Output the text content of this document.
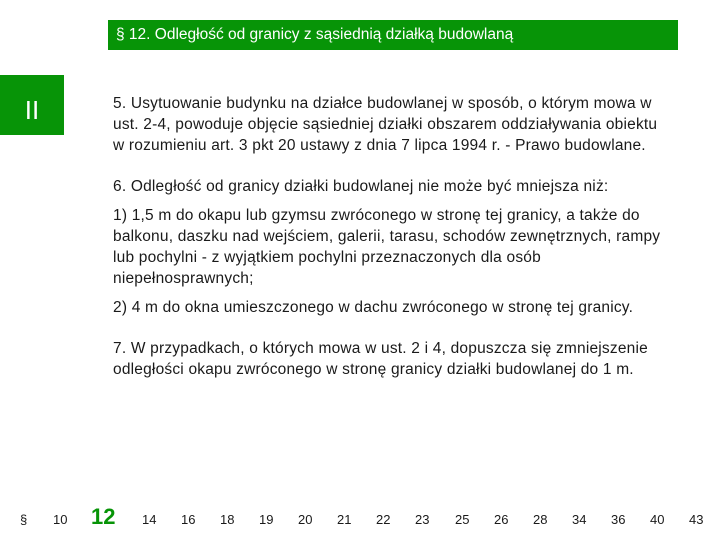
§ 12. Odległość od granicy z sąsiednią działką budowlaną
II	5. Usytuowanie budynku na działce budowlanej w sposób, o którym mowa w ust. 2-4, powoduje objęcie sąsiedniej działki obszarem oddziaływania obiektu w rozumieniu art. 3 pkt 20 ustawy z dnia 7 lipca 1994 r. - Prawo budowlane.

6. Odległość od granicy działki budowlanej nie może być mniejsza niż:

1) 1,5 m do okapu lub gzymsu zwróconego w stronę tej granicy, a także do balkonu, daszku nad wejściem, galerii, tarasu, schodów zewnętrznych, rampy lub pochylni - z wyjątkiem pochylni przeznaczonych dla osób niepełnosprawnych;

2) 4 m do okna umieszczonego w dachu zwróconego w stronę tej granicy.

7. W przypadkach, o których mowa w ust. 2 i 4, dopuszcza się zmniejszenie odległości okapu zwróconego w stronę granicy działki budowlanej do 1 m.

§ 10 12 14 16 18 19 20 21 22 23 25 26 28 34 36 40 43
